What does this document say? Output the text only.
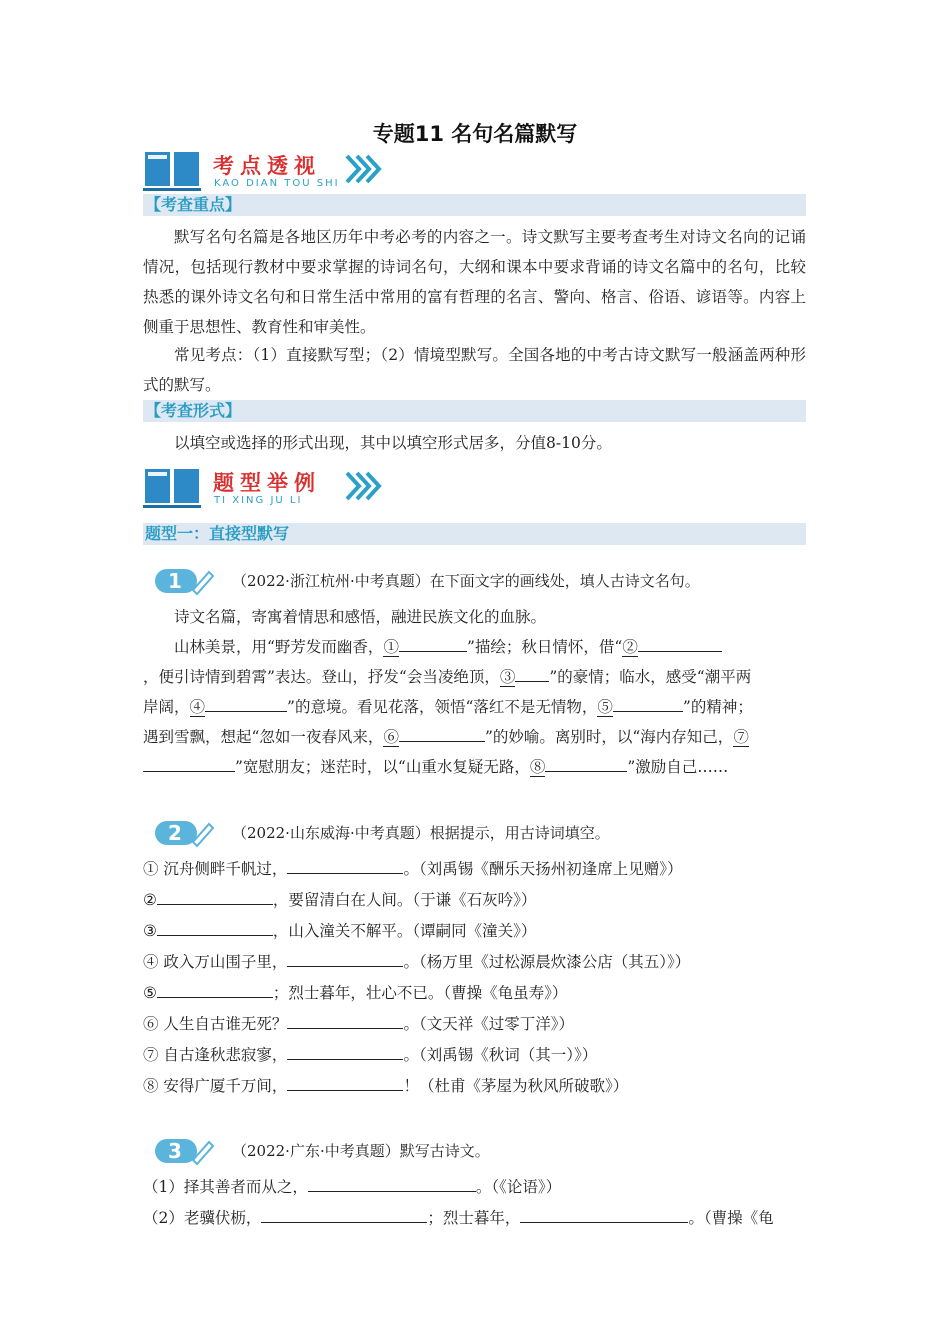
专题11 名句名篇默写
考点透视
KAO DIAN TOU SHI
【考查重点】
默写名句名篇是各地区历年中考必考的内容之一。诗文默写主要考查考生对诗文名向的记诵情况，包括现行教材中要求掌握的诗词名句，大纲和课本中要求背诵的诗文名篇中的名句，比较热悉的课外诗文名句和日常生活中常用的富有哲理的名言、警向、格言、俗语、谚语等。内容上侧重于思想性、教育性和审美性。
常见考点：（1）直接默写型；（2）情境型默写。全国各地的中考古诗文默写一般涵盖两种形式的默写。
【考查形式】
以填空或选择的形式出现，其中以填空形式居多，分值8-10分。
题型举例
TI XING JU LI
题型一：直接型默写
1	（2022·浙江杭州·中考真题）在下面文字的画线处，填人古诗文名句。
诗文名篇，寄寓着情思和感悟，融进民族文化的血脉。
山林美景，用“野芳发而幽香，①	”描绘；秋日情怀，借“②
，便引诗情到碧霄”表达。登山，抒发“会当凌绝顶，③ ”的豪情；临水，感受“潮平两
岸阔，④	”的意境。看见花落，领悟“落红不是无情物，⑤	”的精神；
遇到雪飘，想起“忽如一夜春风来，⑥	”的妙喻。离别时，以“海内存知己，⑦
”宽慰朋友；迷茫时，以“山重水复疑无路，⑧	”激励自己……
2	（2022·山东威海·中考真题）根据提示，用古诗词填空。
① 沉舟侧畔千帆过，	。（刘禹锡《酬乐天扬州初逢席上见赠》）
②	，要留清白在人间。（于谦《石灰吟》）
③	，山入潼关不解平。（谭嗣同《潼关》）
④ 政入万山围子里，	。（杨万里《过松源晨炊漆公店（其五）》）
⑤	；烈士暮年，壮心不已。（曹操《龟虽寿》）
⑥ 人生自古谁无死？	。（文天祥《过零丁洋》）
⑦ 自古逢秋悲寂寥，	。（刘禹锡《秋词（其一）》）
⑧ 安得广厦千万间，	！（杜甫《茅屋为秋风所破歌》）
3	（2022·广东·中考真题）默写古诗文。
（1）择其善者而从之，	。（《论语》）
（2）老骥伏枥，	；烈士暮年，	。（曹操《龟
